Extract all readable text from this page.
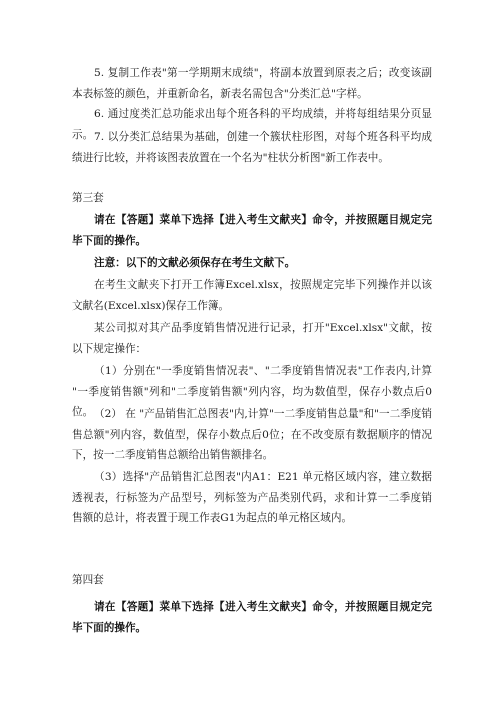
5. 复制工作表"第一学期期末成绩"，将副本放置到原表之后；改变该副本表标签的颜色，并重新命名，新表名需包含"分类汇总"字样。

6. 通过度类汇总功能求出每个班各科的平均成绩，并将每组结果分页显示。 7. 以分类汇总结果为基础，创建一个簇状柱形图，对每个班各科平均成绩进行比较，并将该图表放置在一个名为"柱状分析图"新工作表中。

第三套

请在【答题】菜单下选择【进入考生文献夹】命令，并按照题目规定完毕下面的操作。

注意：以下的文献必须保存在考生文献下。

在考生文献夹下打开工作簿Excel.xlsx，按照规定完毕下列操作并以该文献名(Excel.xlsx)保存工作簿。

某公司拟对其产品季度销售情况进行记录，打开"Excel.xlsx"文献，按以下规定操作：

（1）分别在"一季度销售情况表"、"二季度销售情况表"工作表内,计算 "一季度销售额"列和"二季度销售额"列内容，均为数值型，保存小数点后0位。 （2） 在 "产品销售汇总图表"内,计算"一二季度销售总量"和"一二季度销售总额"列内容，数值型，保存小数点后0位；在不改变原有数据顺序的情况下，按一二季度销售总额给出销售额排名。

（3）选择"产品销售汇总图表"内A1：E21 单元格区域内容，建立数据透视表，行标签为产品型号，列标签为产品类别代码，求和计算一二季度销售额的总计，将表置于现工作表G1为起点的单元格区域内。

第四套

请在【答题】菜单下选择【进入考生文献夹】命令，并按照题目规定完毕下面的操作。
